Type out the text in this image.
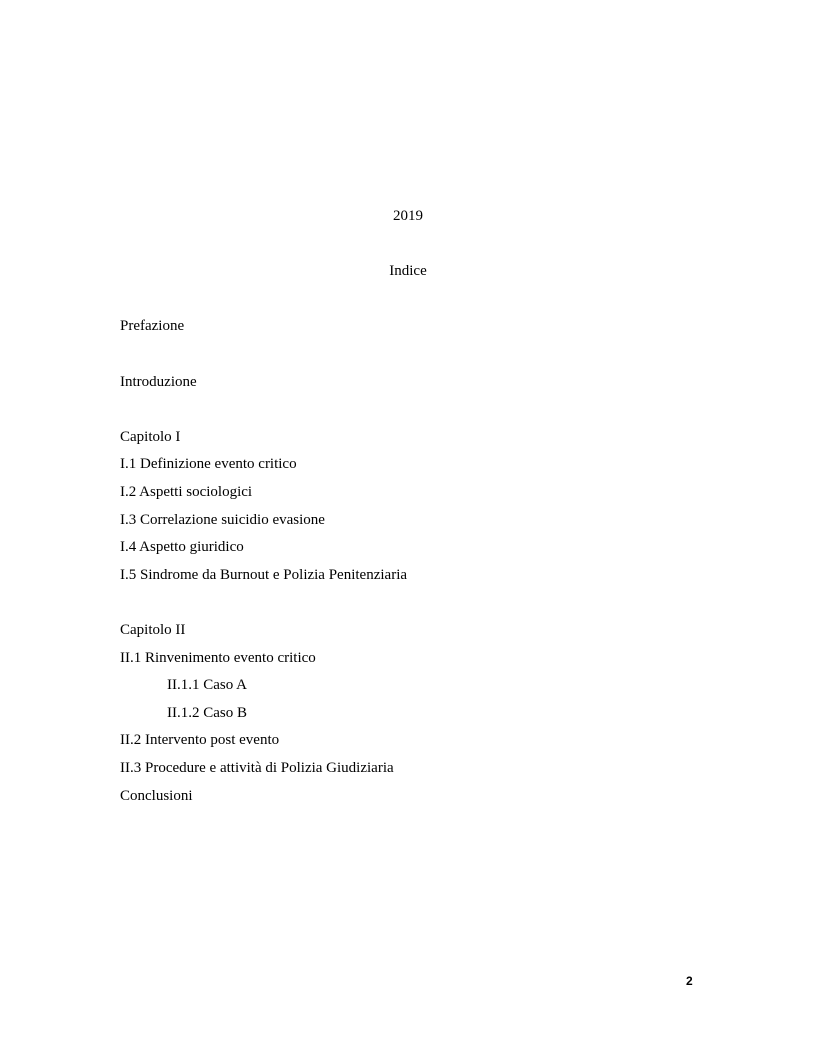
2019
Indice
Prefazione
Introduzione
Capitolo I
I.1 Definizione evento critico
I.2 Aspetti sociologici
I.3 Correlazione suicidio evasione
I.4 Aspetto giuridico
I.5 Sindrome da Burnout e Polizia Penitenziaria
Capitolo II
II.1 Rinvenimento evento critico
II.1.1 Caso A
II.1.2 Caso B
II.2 Intervento post evento
II.3 Procedure e attività di Polizia Giudiziaria
Conclusioni
2
